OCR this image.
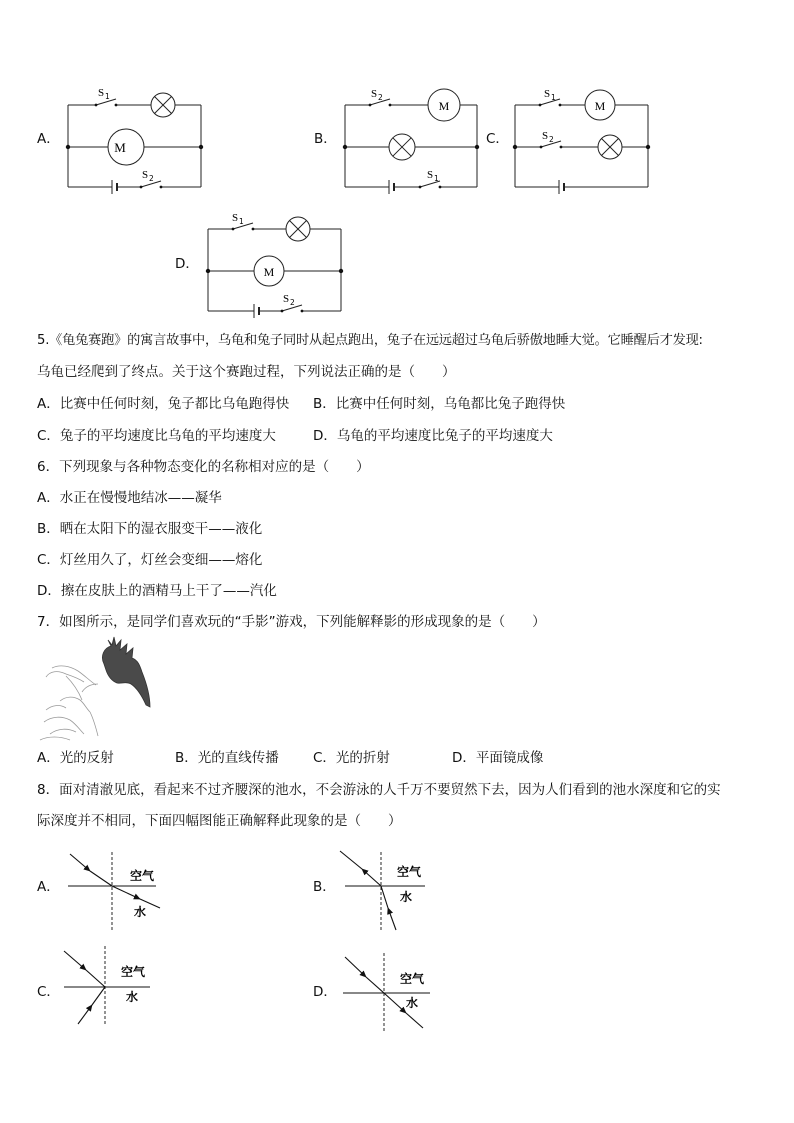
A．	B．	C．
D．
M
S 1
S 2
M
S 2
S 1
M
S 1
S 2
M
S 1
S 2
5.《龟兔赛跑》的寓言故事中，乌龟和兔子同时从起点跑出，兔子在远远超过乌龟后骄傲地睡大觉。它睡醒后才发现:
乌龟已经爬到了终点。关于这个赛跑过程，下列说法正确的是（　　）
A．比赛中任何时刻，兔子都比乌龟跑得快 B．比赛中任何时刻，乌龟都比兔子跑得快
C．兔子的平均速度比乌龟的平均速度大	D．乌龟的平均速度比兔子的平均速度大
6．下列现象与各种物态变化的名称相对应的是（　　）
A．水正在慢慢地结冰——凝华
B．晒在太阳下的湿衣服变干——液化
C．灯丝用久了，灯丝会变细——熔化
D．擦在皮肤上的酒精马上干了——汽化
7．如图所示，是同学们喜欢玩的“手影”游戏，下列能解释影的形成现象的是（　　）
A．光的反射	B．光的直线传播	C．光的折射	D．平面镜成像
8．面对清澈见底，看起来不过齐腰深的池水，不会游泳的人千万不要贸然下去，因为人们看到的池水深度和它的实
际深度并不相同，下面四幅图能正确解释此现象的是（　　）
A．	B．
C．	D．
空气
水
空气
水
空气
水
空气
水
